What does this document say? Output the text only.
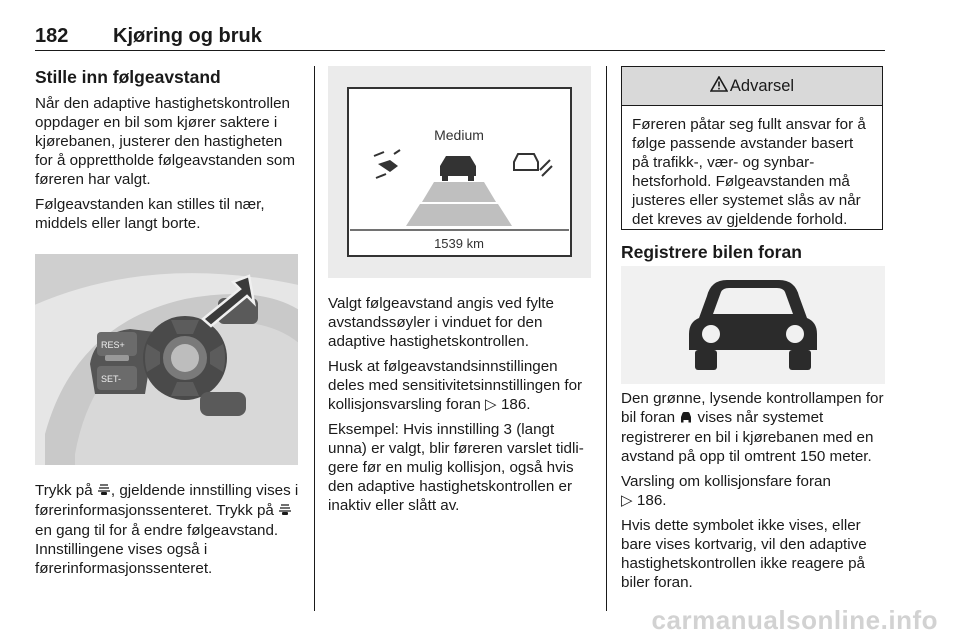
182 Kjøring og bruk
Stille inn følgeavstand

Når den adaptive hastighetskontrollen oppdager en bil som kjører saktere i kjørebanen, justerer den hastigheten for å opprettholde følgeavstanden som føreren har valgt.

Følgeavstanden kan stilles til nær, middels eller langt borte.

RES+
SET-

Trykk på , gjeldende innstilling vises i førerinformasjonssenteret. Trykk på  en gang til for å endre følgeavstand. Innstillingene vises også i førerinformasjonssenteret.

Medium
1539 km

Valgt følgeavstand angis ved fylte avstandssøyler i vinduet for den adaptive hastighetskontrollen.

Husk at følgeavstandsinnstillingen deles med sensitivitetsinnstillingen for kollisjonsvarsling foran ▷ 186.

Eksempel: Hvis innstilling 3 (langt unna) er valgt, blir føreren varslet tidligere før en mulig kollisjon, også hvis den adaptive hastighetskontrollen er inaktiv eller slått av.

Advarsel
Føreren påtar seg fullt ansvar for å følge passende avstander basert på trafikk-, vær- og synbarhetsforhold. Følgeavstanden må justeres eller systemet slås av når det kreves av gjeldende forhold.
Registrere bilen foran

Den grønne, lysende kontrollampen for bil foran  vises når systemet registrerer en bil i kjørebanen med en avstand på opp til omtrent 150 meter.

Varsling om kollisjonsfare foran
▷ 186.

Hvis dette symbolet ikke vises, eller bare vises kortvarig, vil den adaptive hastighetskontrollen ikke reagere på biler foran.

carmanualsonline.info
